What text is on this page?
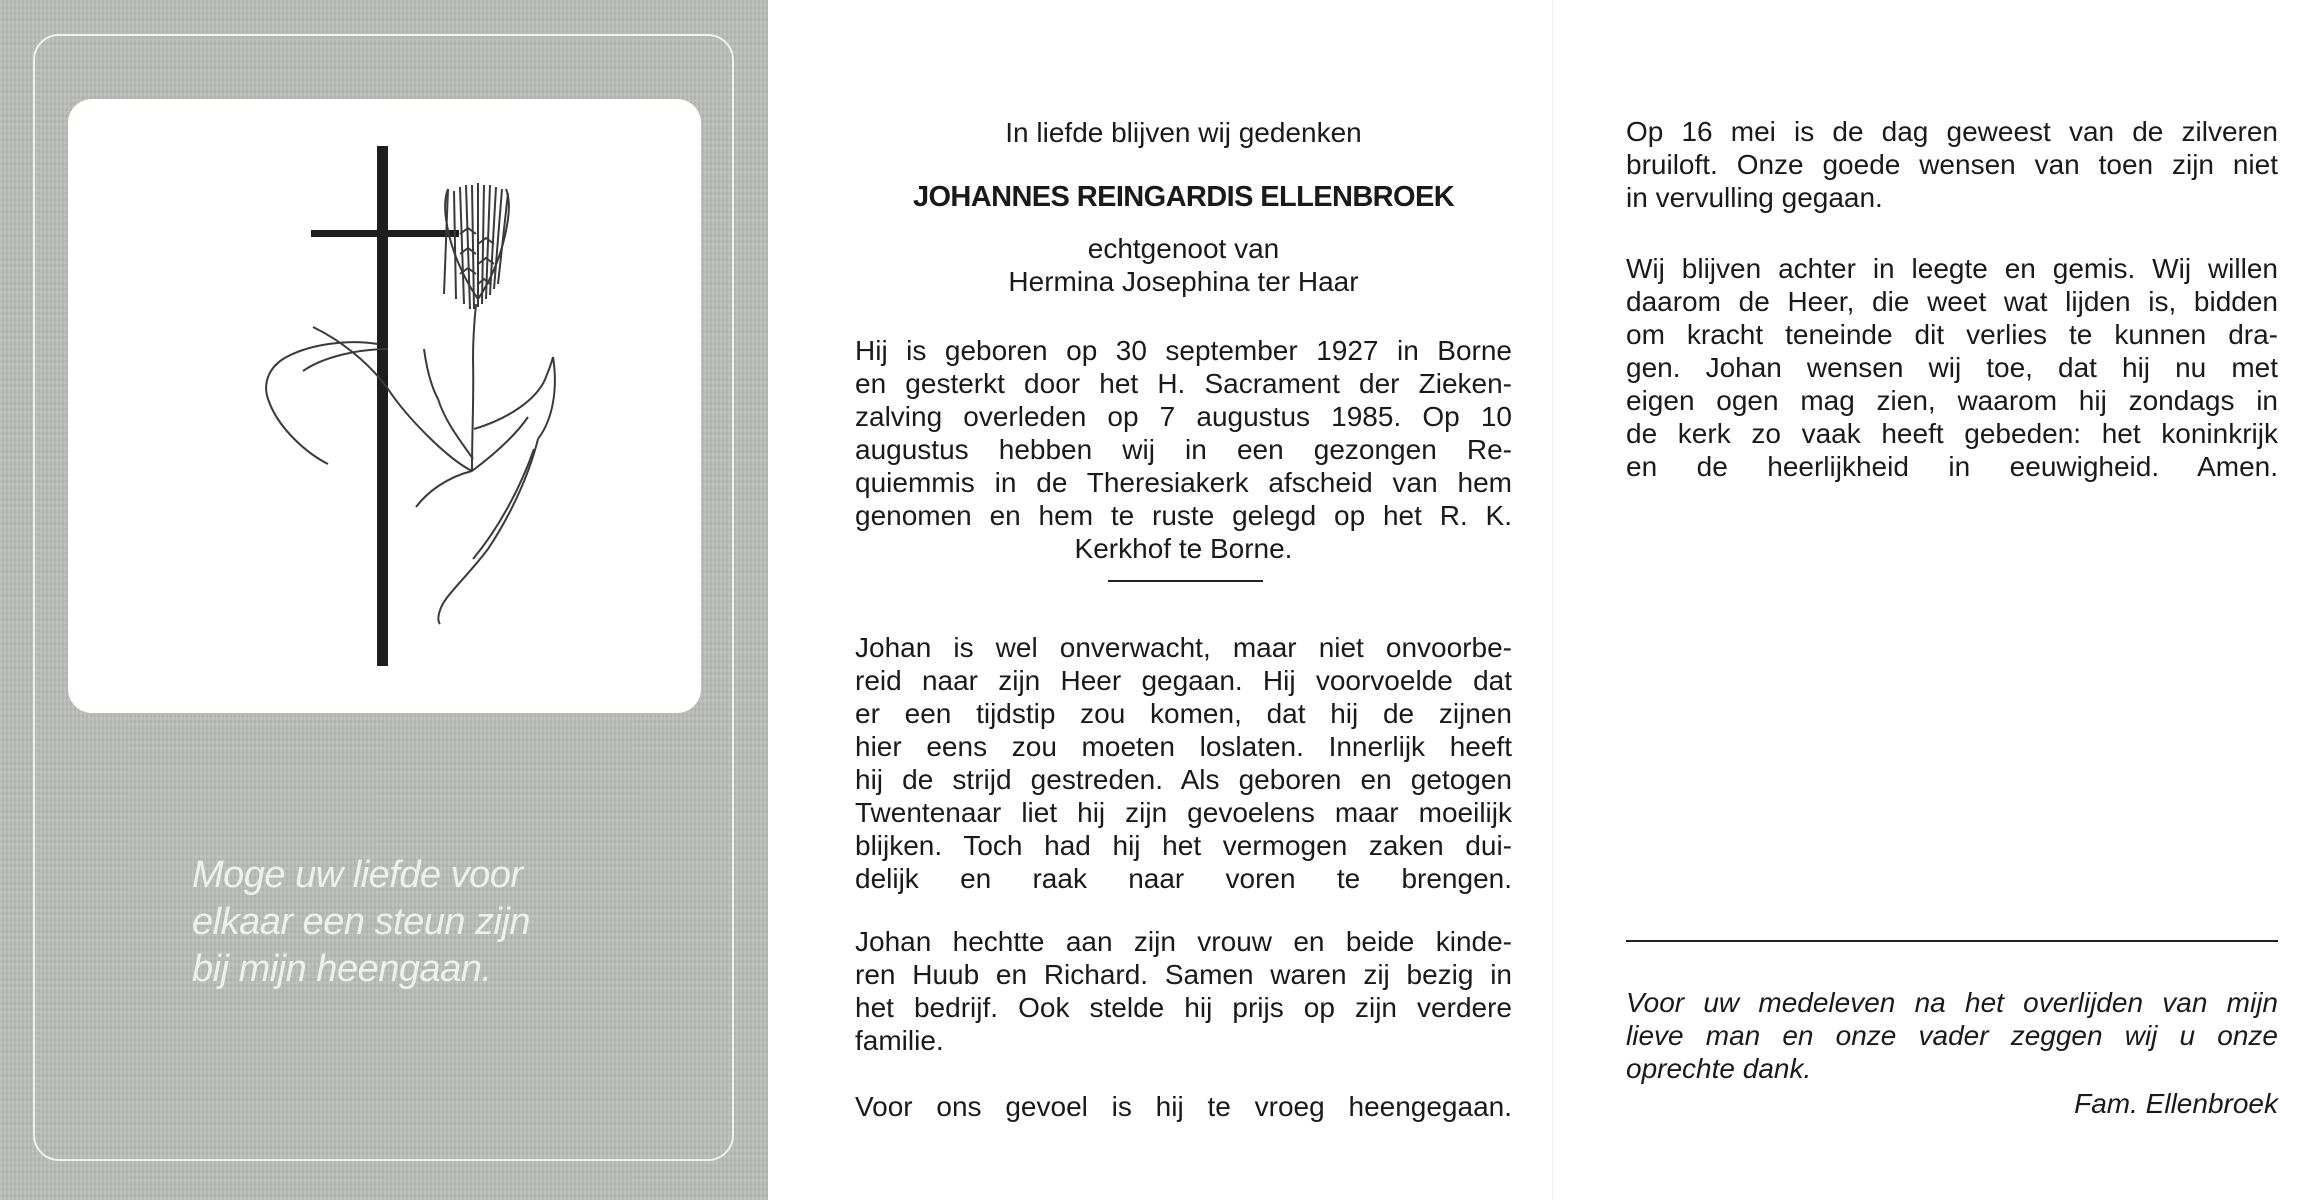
Moge uw liefde voor
elkaar een steun zijn
bij mijn heengaan.

In liefde blijven wij gedenken

JOHANNES REINGARDIS ELLENBROEK

echtgenoot van

Hermina Josephina ter Haar

Hij is geboren op 30 september 1927 in Borne
en gesterkt door het H. Sacrament der Zieken-
zalving overleden op 7 augustus 1985. Op 10
augustus hebben wij in een gezongen Re-
quiemmis in de Theresiakerk afscheid van hem
genomen en hem te ruste gelegd op het R. K.
Kerkhof te Borne.

Johan is wel onverwacht, maar niet onvoorbe-
reid naar zijn Heer gegaan. Hij voorvoelde dat
er een tijdstip zou komen, dat hij de zijnen
hier eens zou moeten loslaten. Innerlijk heeft
hij de strijd gestreden. Als geboren en getogen
Twentenaar liet hij zijn gevoelens maar moeilijk
blijken. Toch had hij het vermogen zaken dui-
delijk en raak naar voren te brengen.

Johan hechtte aan zijn vrouw en beide kinde-
ren Huub en Richard. Samen waren zij bezig in
het bedrijf. Ook stelde hij prijs op zijn verdere
familie.

Voor ons gevoel is hij te vroeg heengegaan.

Op 16 mei is de dag geweest van de zilveren
bruiloft. Onze goede wensen van toen zijn niet
in vervulling gegaan.

Wij blijven achter in leegte en gemis. Wij willen
daarom de Heer, die weet wat lijden is, bidden
om kracht teneinde dit verlies te kunnen dra-
gen. Johan wensen wij toe, dat hij nu met
eigen ogen mag zien, waarom hij zondags in
de kerk zo vaak heeft gebeden: het koninkrijk
en de heerlijkheid in eeuwigheid. Amen.

Voor uw medeleven na het overlijden van mijn
lieve man en onze vader zeggen wij u onze
oprechte dank.

Fam. Ellenbroek
